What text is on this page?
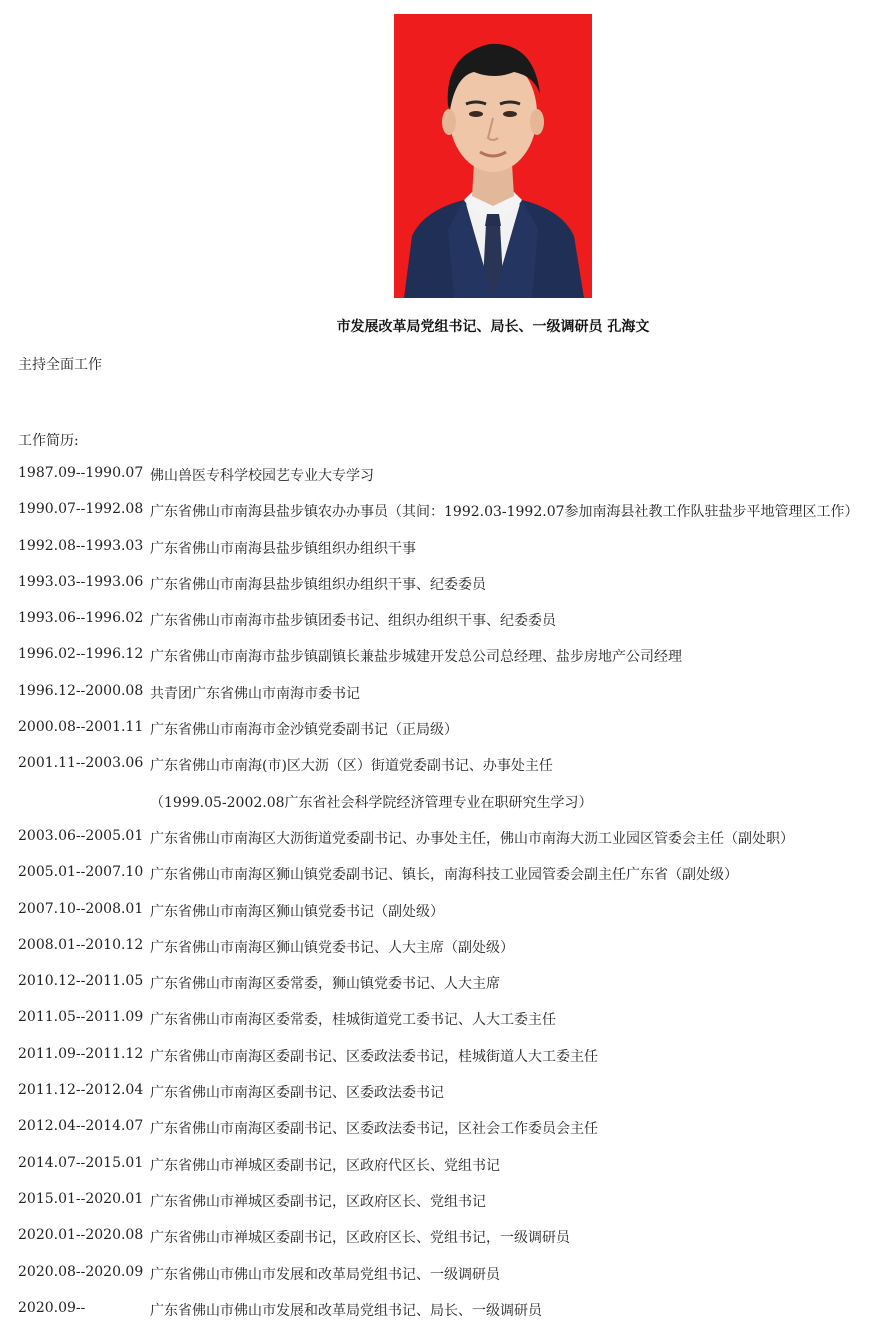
市发展改革局党组书记、局长、一级调研员 孔海文
主持全面工作
工作简历:
1987.09--1990.07 佛山兽医专科学校园艺专业大专学习
1990.07--1992.08 广东省佛山市南海县盐步镇农办办事员（其间：1992.03-1992.07参加南海县社教工作队驻盐步平地管理区工作）
1992.08--1993.03 广东省佛山市南海县盐步镇组织办组织干事
1993.03--1993.06 广东省佛山市南海县盐步镇组织办组织干事、纪委委员
1993.06--1996.02 广东省佛山市南海市盐步镇团委书记、组织办组织干事、纪委委员
1996.02--1996.12 广东省佛山市南海市盐步镇副镇长兼盐步城建开发总公司总经理、盐步房地产公司经理
1996.12--2000.08 共青团广东省佛山市南海市委书记
2000.08--2001.11 广东省佛山市南海市金沙镇党委副书记（正局级）
2001.11--2003.06 广东省佛山市南海(市)区大沥（区）街道党委副书记、办事处主任
（1999.05-2002.08广东省社会科学院经济管理专业在职研究生学习）
2003.06--2005.01 广东省佛山市南海区大沥街道党委副书记、办事处主任，佛山市南海大沥工业园区管委会主任（副处职）
2005.01--2007.10 广东省佛山市南海区狮山镇党委副书记、镇长，南海科技工业园管委会副主任广东省（副处级）
2007.10--2008.01 广东省佛山市南海区狮山镇党委书记（副处级）
2008.01--2010.12 广东省佛山市南海区狮山镇党委书记、人大主席（副处级）
2010.12--2011.05 广东省佛山市南海区委常委，狮山镇党委书记、人大主席
2011.05--2011.09 广东省佛山市南海区委常委，桂城街道党工委书记、人大工委主任
2011.09--2011.12 广东省佛山市南海区委副书记、区委政法委书记，桂城街道人大工委主任
2011.12--2012.04 广东省佛山市南海区委副书记、区委政法委书记
2012.04--2014.07 广东省佛山市南海区委副书记、区委政法委书记，区社会工作委员会主任
2014.07--2015.01 广东省佛山市禅城区委副书记，区政府代区长、党组书记
2015.01--2020.01 广东省佛山市禅城区委副书记，区政府区长、党组书记
2020.01--2020.08 广东省佛山市禅城区委副书记，区政府区长、党组书记，一级调研员
2020.08--2020.09 广东省佛山市佛山市发展和改革局党组书记、一级调研员
2020.09--	广东省佛山市佛山市发展和改革局党组书记、局长、一级调研员
